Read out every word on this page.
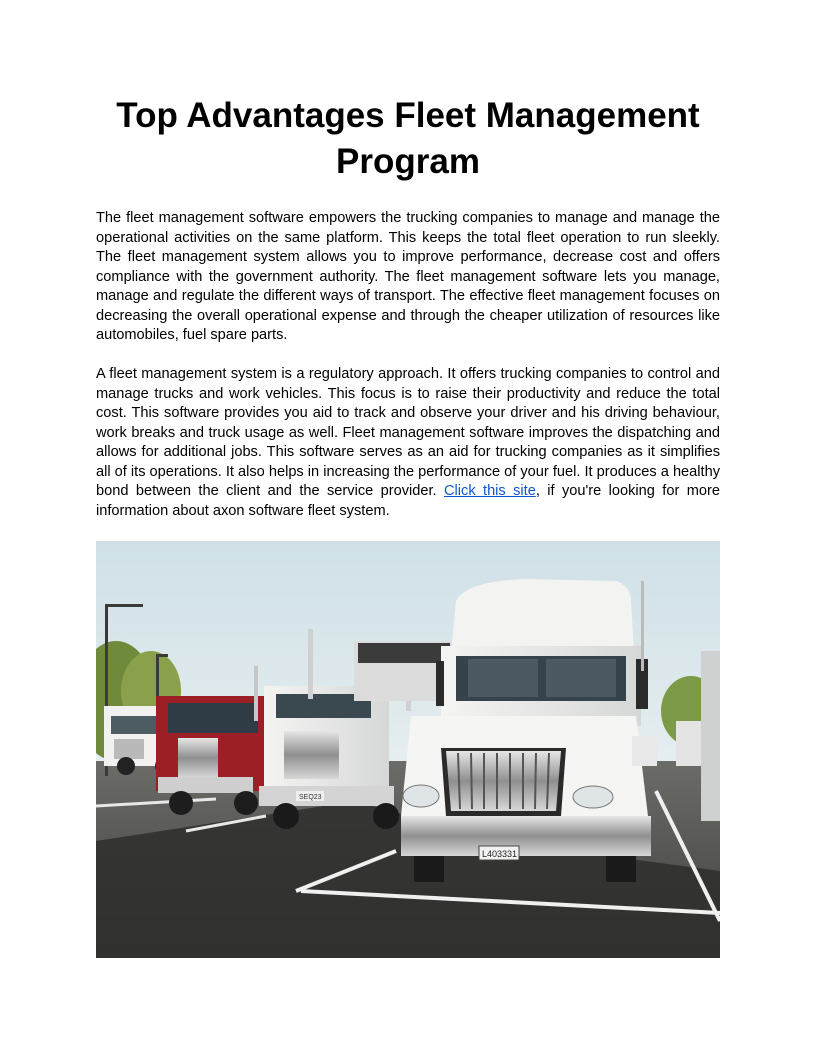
Top Advantages Fleet Management Program

The fleet management software empowers the trucking companies to manage and manage the operational activities on the same platform. This keeps the total fleet operation to run sleekly. The fleet management system allows you to improve performance, decrease cost and offers compliance with the government authority. The fleet management software lets you manage, manage and regulate the different ways of transport. The effective fleet management focuses on decreasing the overall operational expense and through the cheaper utilization of resources like automobiles, fuel spare parts.

A fleet management system is a regulatory approach. It offers trucking companies to control and manage trucks and work vehicles. This focus is to raise their productivity and reduce the total cost. This software provides you aid to track and observe your driver and his driving behaviour, work breaks and truck usage as well. Fleet management software improves the dispatching and allows for additional jobs. This software serves as an aid for trucking companies as it simplifies all of its operations. It also helps in increasing the performance of your fuel. It produces a healthy bond between the client and the service provider. Click this site, if you're looking for more information about axon software fleet system.

SEQ23
L403331
